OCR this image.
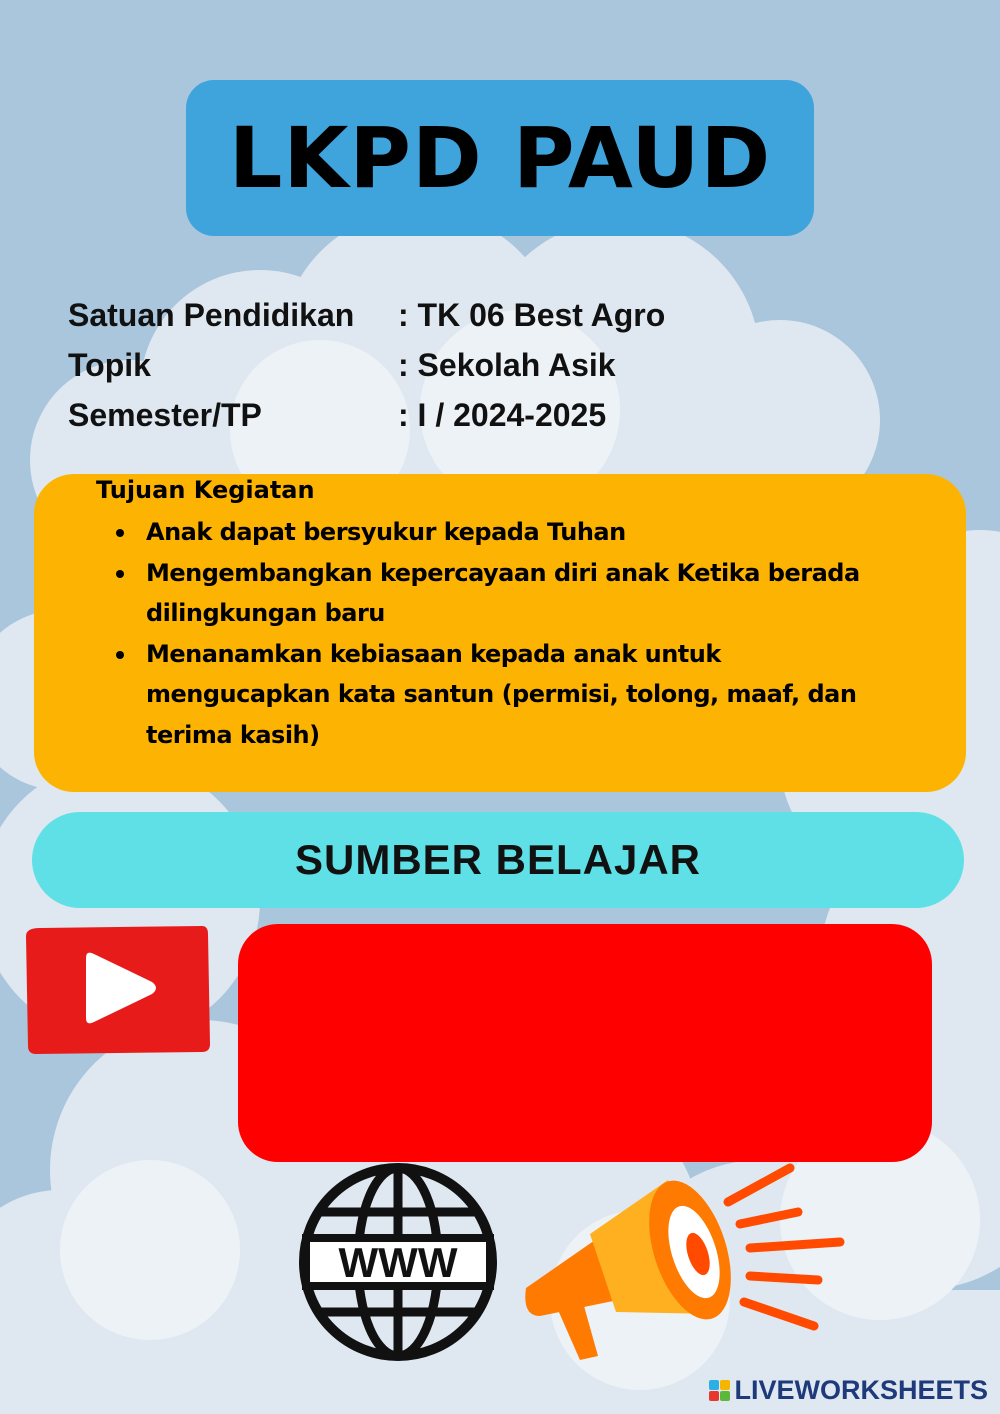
LKPD PAUD
Satuan Pendidikan	: TK 06 Best Agro
Topik	: Sekolah Asik
Semester/TP	: I / 2024-2025
Tujuan Kegiatan
Anak dapat bersyukur kepada Tuhan
Mengembangkan kepercayaan diri anak Ketika berada dilingkungan baru
Menanamkan kebiasaan kepada anak untuk mengucapkan kata santun (permisi, tolong, maaf, dan terima kasih)
SUMBER BELAJAR
WWW
LIVEWORKSHEETS
